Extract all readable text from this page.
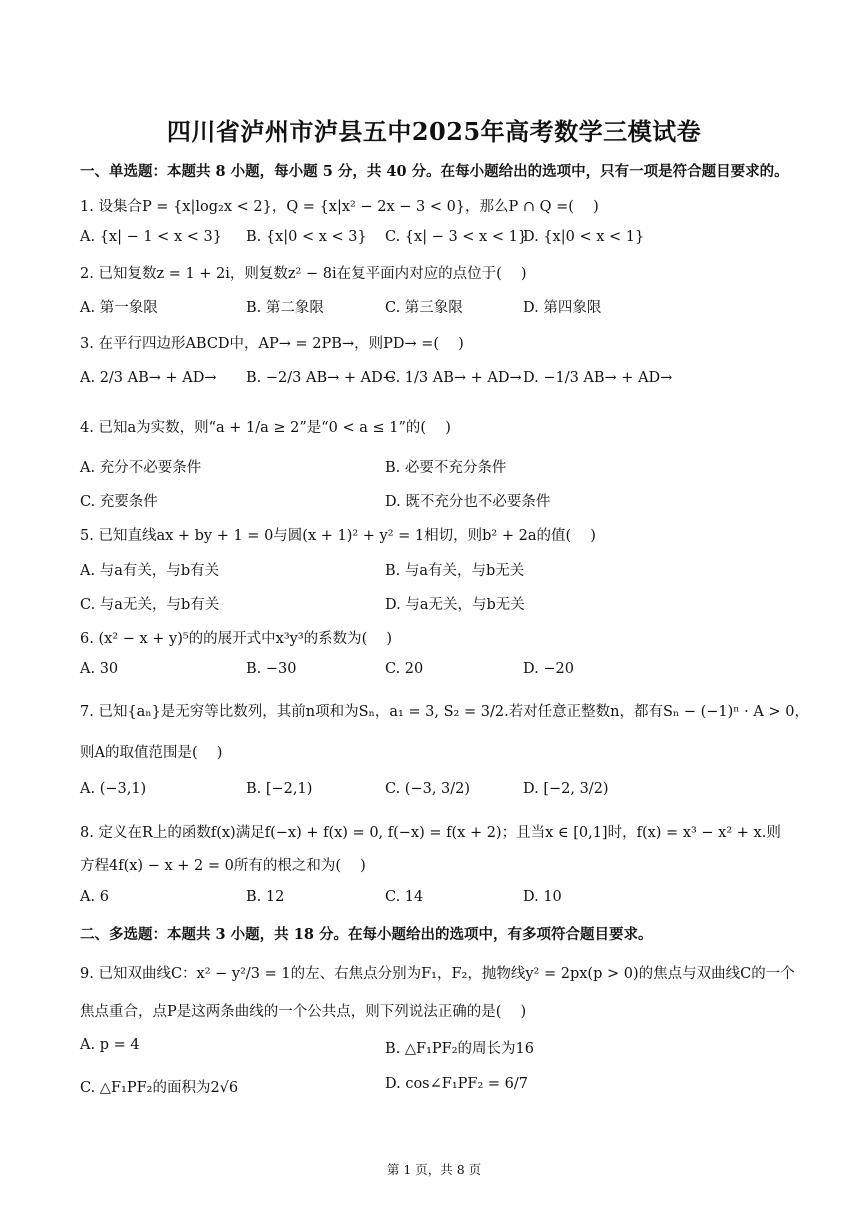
四川省泸州市泸县五中2025年高考数学三模试卷
一、单选题：本题共 8 小题，每小题 5 分，共 40 分。在每小题给出的选项中，只有一项是符合题目要求的。
1. 设集合P = {x|log₂x < 2}，Q = {x|x² − 2x − 3 < 0}，那么P ∩ Q =(　 )
A. {x| − 1 < x < 3} B. {x|0 < x < 3} C. {x| − 3 < x < 1}
D. {x|0 < x < 1}
2. 已知复数z = 1 + 2i，则复数z² − 8i在复平面内对应的点位于(　 )
A. 第一象限	B. 第二象限	C. 第三象限	D. 第四象限
3. 在平行四边形ABCD中，AP→ = 2PB→，则PD→ =(　 )
A. 2/3 AB→ + AD→ B. −2/3 AB→ + AD→
C. 1/3 AB→ + AD→ D. −1/3 AB→ + AD→
4. 已知a为实数，则“a + 1/a ≥ 2”是“0 < a ≤ 1”的(　 )
A. 充分不必要条件	B. 必要不充分条件
C. 充要条件	D. 既不充分也不必要条件
5. 已知直线ax + by + 1 = 0与圆(x + 1)² + y² = 1相切，则b² + 2a的值(　 )
A. 与a有关，与b有关	B. 与a有关，与b无关
C. 与a无关，与b有关	D. 与a无关，与b无关
6. (x² − x + y)⁵的的展开式中x³y³的系数为(　 )
A. 30	B. −30	C. 20	D. −20
7. 已知{aₙ}是无穷等比数列，其前n项和为Sₙ，a₁ = 3, S₂ = 3/2.若对任意正整数n，都有Sₙ − (−1)ⁿ · A > 0，
则A的取值范围是(　 )
A. (−3,1)	B. [−2,1)	C. (−3, 3/2)	D. [−2, 3/2)
8. 定义在R上的函数f(x)满足f(−x) + f(x) = 0, f(−x) = f(x + 2)；且当x ∈ [0,1]时，f(x) = x³ − x² + x.则
方程4f(x) − x + 2 = 0所有的根之和为(　 )
A. 6	B. 12	C. 14	D. 10
二、多选题：本题共 3 小题，共 18 分。在每小题给出的选项中，有多项符合题目要求。
9. 已知双曲线C：x² − y²/3 = 1的左、右焦点分别为F₁，F₂，抛物线y² = 2px(p > 0)的焦点与双曲线C的一个
焦点重合，点P是这两条曲线的一个公共点，则下列说法正确的是(　 )
A. p = 4	B. △F₁PF₂的周长为16
C. △F₁PF₂的面积为2√6	D. cos∠F₁PF₂ = 6/7
第 1 页，共 8 页
